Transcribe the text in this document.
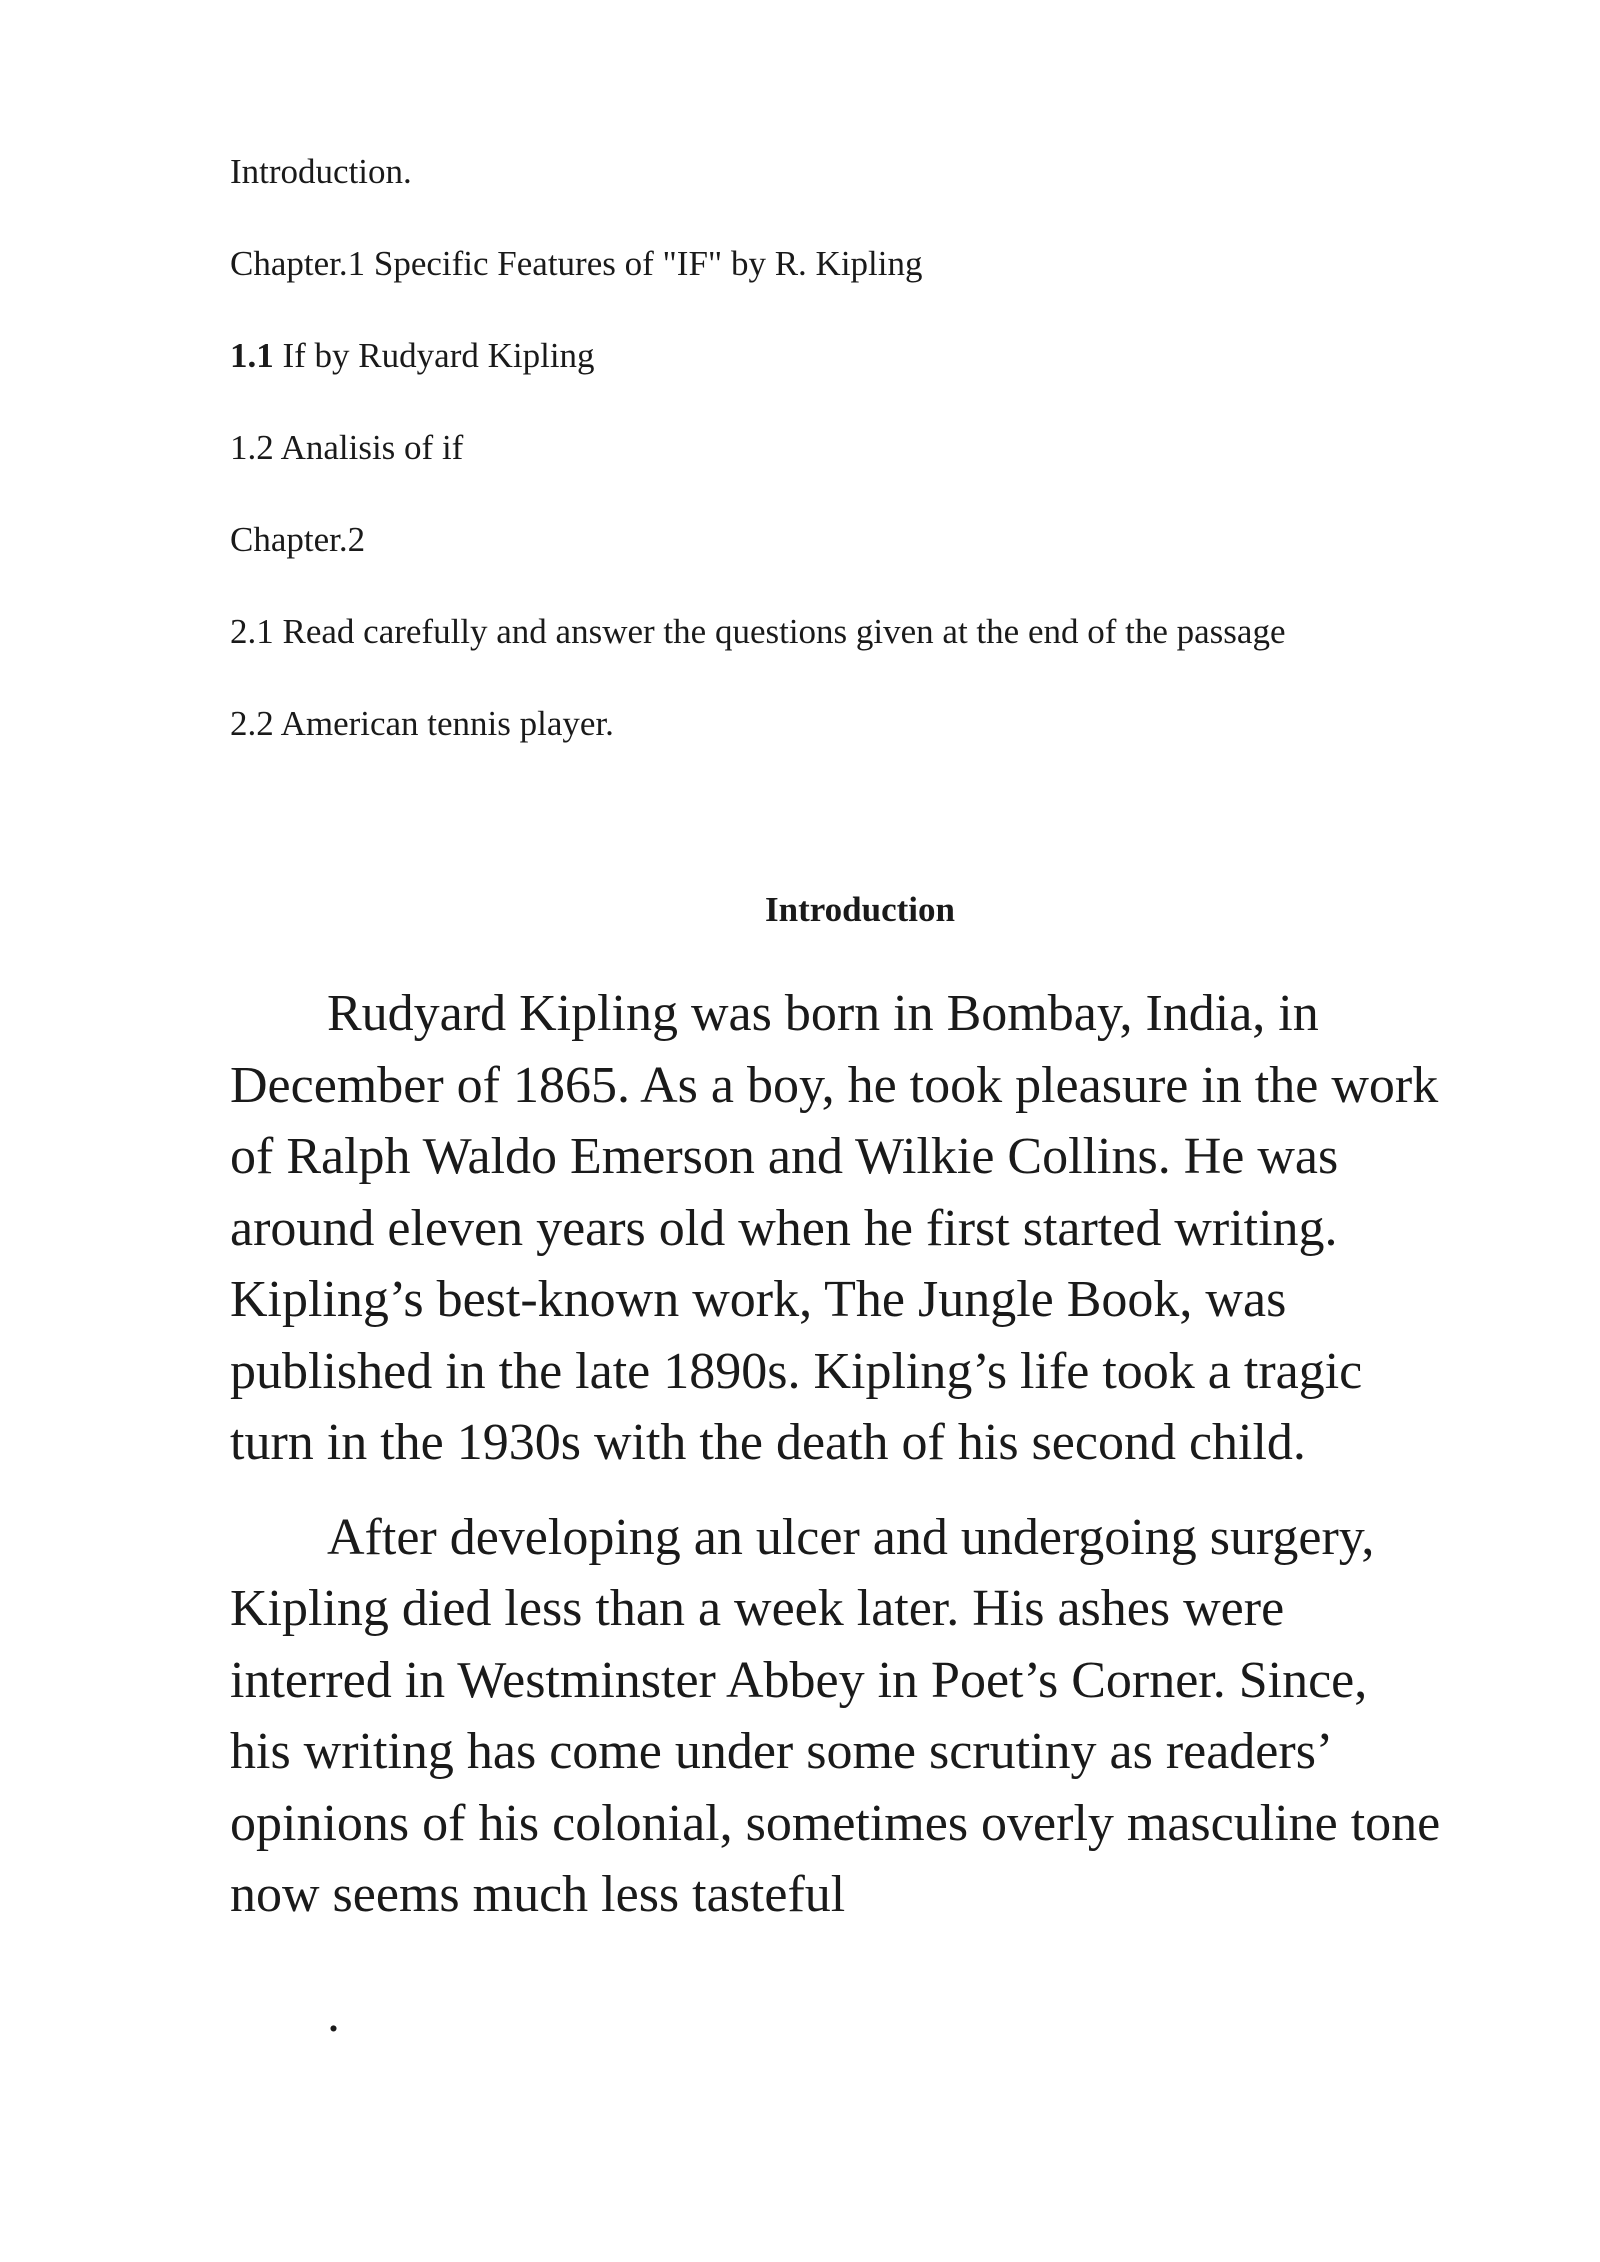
Introduction.
Chapter.1 Specific Features of "IF" by R. Kipling
1.1 If by Rudyard Kipling
1.2 Analisis of if
Chapter.2
2.1 Read carefully and answer the questions given at the end of the passage
2.2 American tennis player.
Introduction

Rudyard Kipling was born in Bombay, India, in
December of 1865. As a boy, he took pleasure in the work
of Ralph Waldo Emerson and Wilkie Collins. He was
around eleven years old when he first started writing.
Kipling’s best-known work, The Jungle Book, was
published in the late 1890s. Kipling’s life took a tragic
turn in the 1930s with the death of his second child.

After developing an ulcer and undergoing surgery,
Kipling died less than a week later. His ashes were
interred in Westminster Abbey in Poet’s Corner. Since,
his writing has come under some scrutiny as readers’
opinions of his colonial, sometimes overly masculine tone
now seems much less tasteful

.
